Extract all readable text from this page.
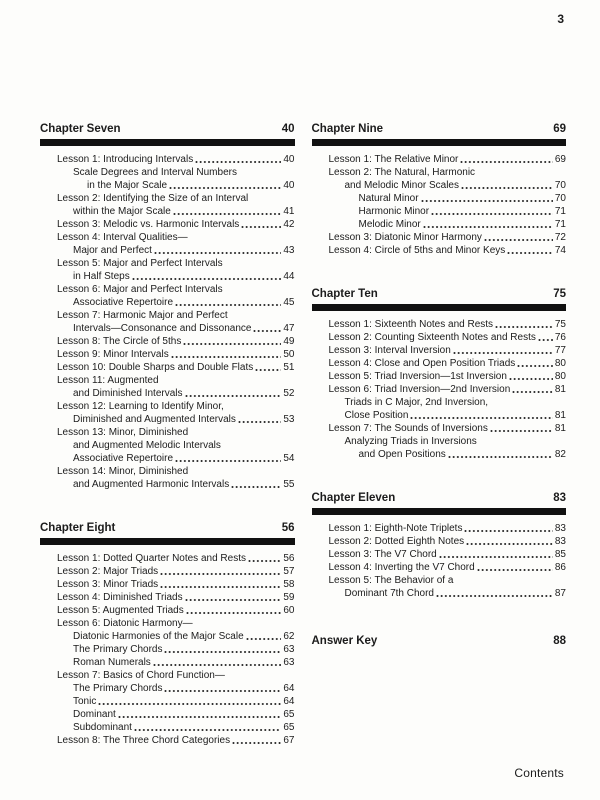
3
Chapter Seven	40
Lesson 1: Introducing Intervals	40
Scale Degrees and Interval Numbers
in the Major Scale	40
Lesson 2: Identifying the Size of an Interval
within the Major Scale	41
Lesson 3: Melodic vs. Harmonic Intervals	42
Lesson 4: Interval Qualities—
Major and Perfect	43
Lesson 5: Major and Perfect Intervals
in Half Steps	44
Lesson 6: Major and Perfect Intervals
Associative Repertoire	45
Lesson 7: Harmonic Major and Perfect
Intervals—Consonance and Dissonance	47
Lesson 8: The Circle of 5ths	49
Lesson 9: Minor Intervals	50
Lesson 10: Double Sharps and Double Flats	51
Lesson 11: Augmented
and Diminished Intervals	52
Lesson 12: Learning to Identify Minor,
Diminished and Augmented Intervals	53
Lesson 13: Minor, Diminished
and Augmented Melodic Intervals
Associative Repertoire	54
Lesson 14: Minor, Diminished
and Augmented Harmonic Intervals	55
Chapter Eight	56
Lesson 1: Dotted Quarter Notes and Rests	56
Lesson 2: Major Triads	57
Lesson 3: Minor Triads	58
Lesson 4: Diminished Triads	59
Lesson 5: Augmented Triads	60
Lesson 6: Diatonic Harmony—
Diatonic Harmonies of the Major Scale	62
The Primary Chords	63
Roman Numerals	63
Lesson 7: Basics of Chord Function—
The Primary Chords	64
Tonic	64
Dominant	65
Subdominant	65
Lesson 8: The Three Chord Categories	67
Chapter Nine	69
Lesson 1: The Relative Minor	69
Lesson 2: The Natural, Harmonic
and Melodic Minor Scales	70
Natural Minor	70
Harmonic Minor	71
Melodic Minor	71
Lesson 3: Diatonic Minor Harmony	72
Lesson 4: Circle of 5ths and Minor Keys	74
Chapter Ten	75
Lesson 1: Sixteenth Notes and Rests	75
Lesson 2: Counting Sixteenth Notes and Rests 76
Lesson 3: Interval Inversion	77
Lesson 4: Close and Open Position Triads	80
Lesson 5: Triad Inversion—1st Inversion	80
Lesson 6: Triad Inversion—2nd Inversion	81
Triads in C Major, 2nd Inversion,
Close Position	81
Lesson 7: The Sounds of Inversions	81
Analyzing Triads in Inversions
and Open Positions	82
Chapter Eleven	83
Lesson 1: Eighth-Note Triplets	83
Lesson 2: Dotted Eighth Notes	83
Lesson 3: The V7 Chord	85
Lesson 4: Inverting the V7 Chord	86
Lesson 5: The Behavior of a
Dominant 7th Chord	87
Answer Key	88
Contents
